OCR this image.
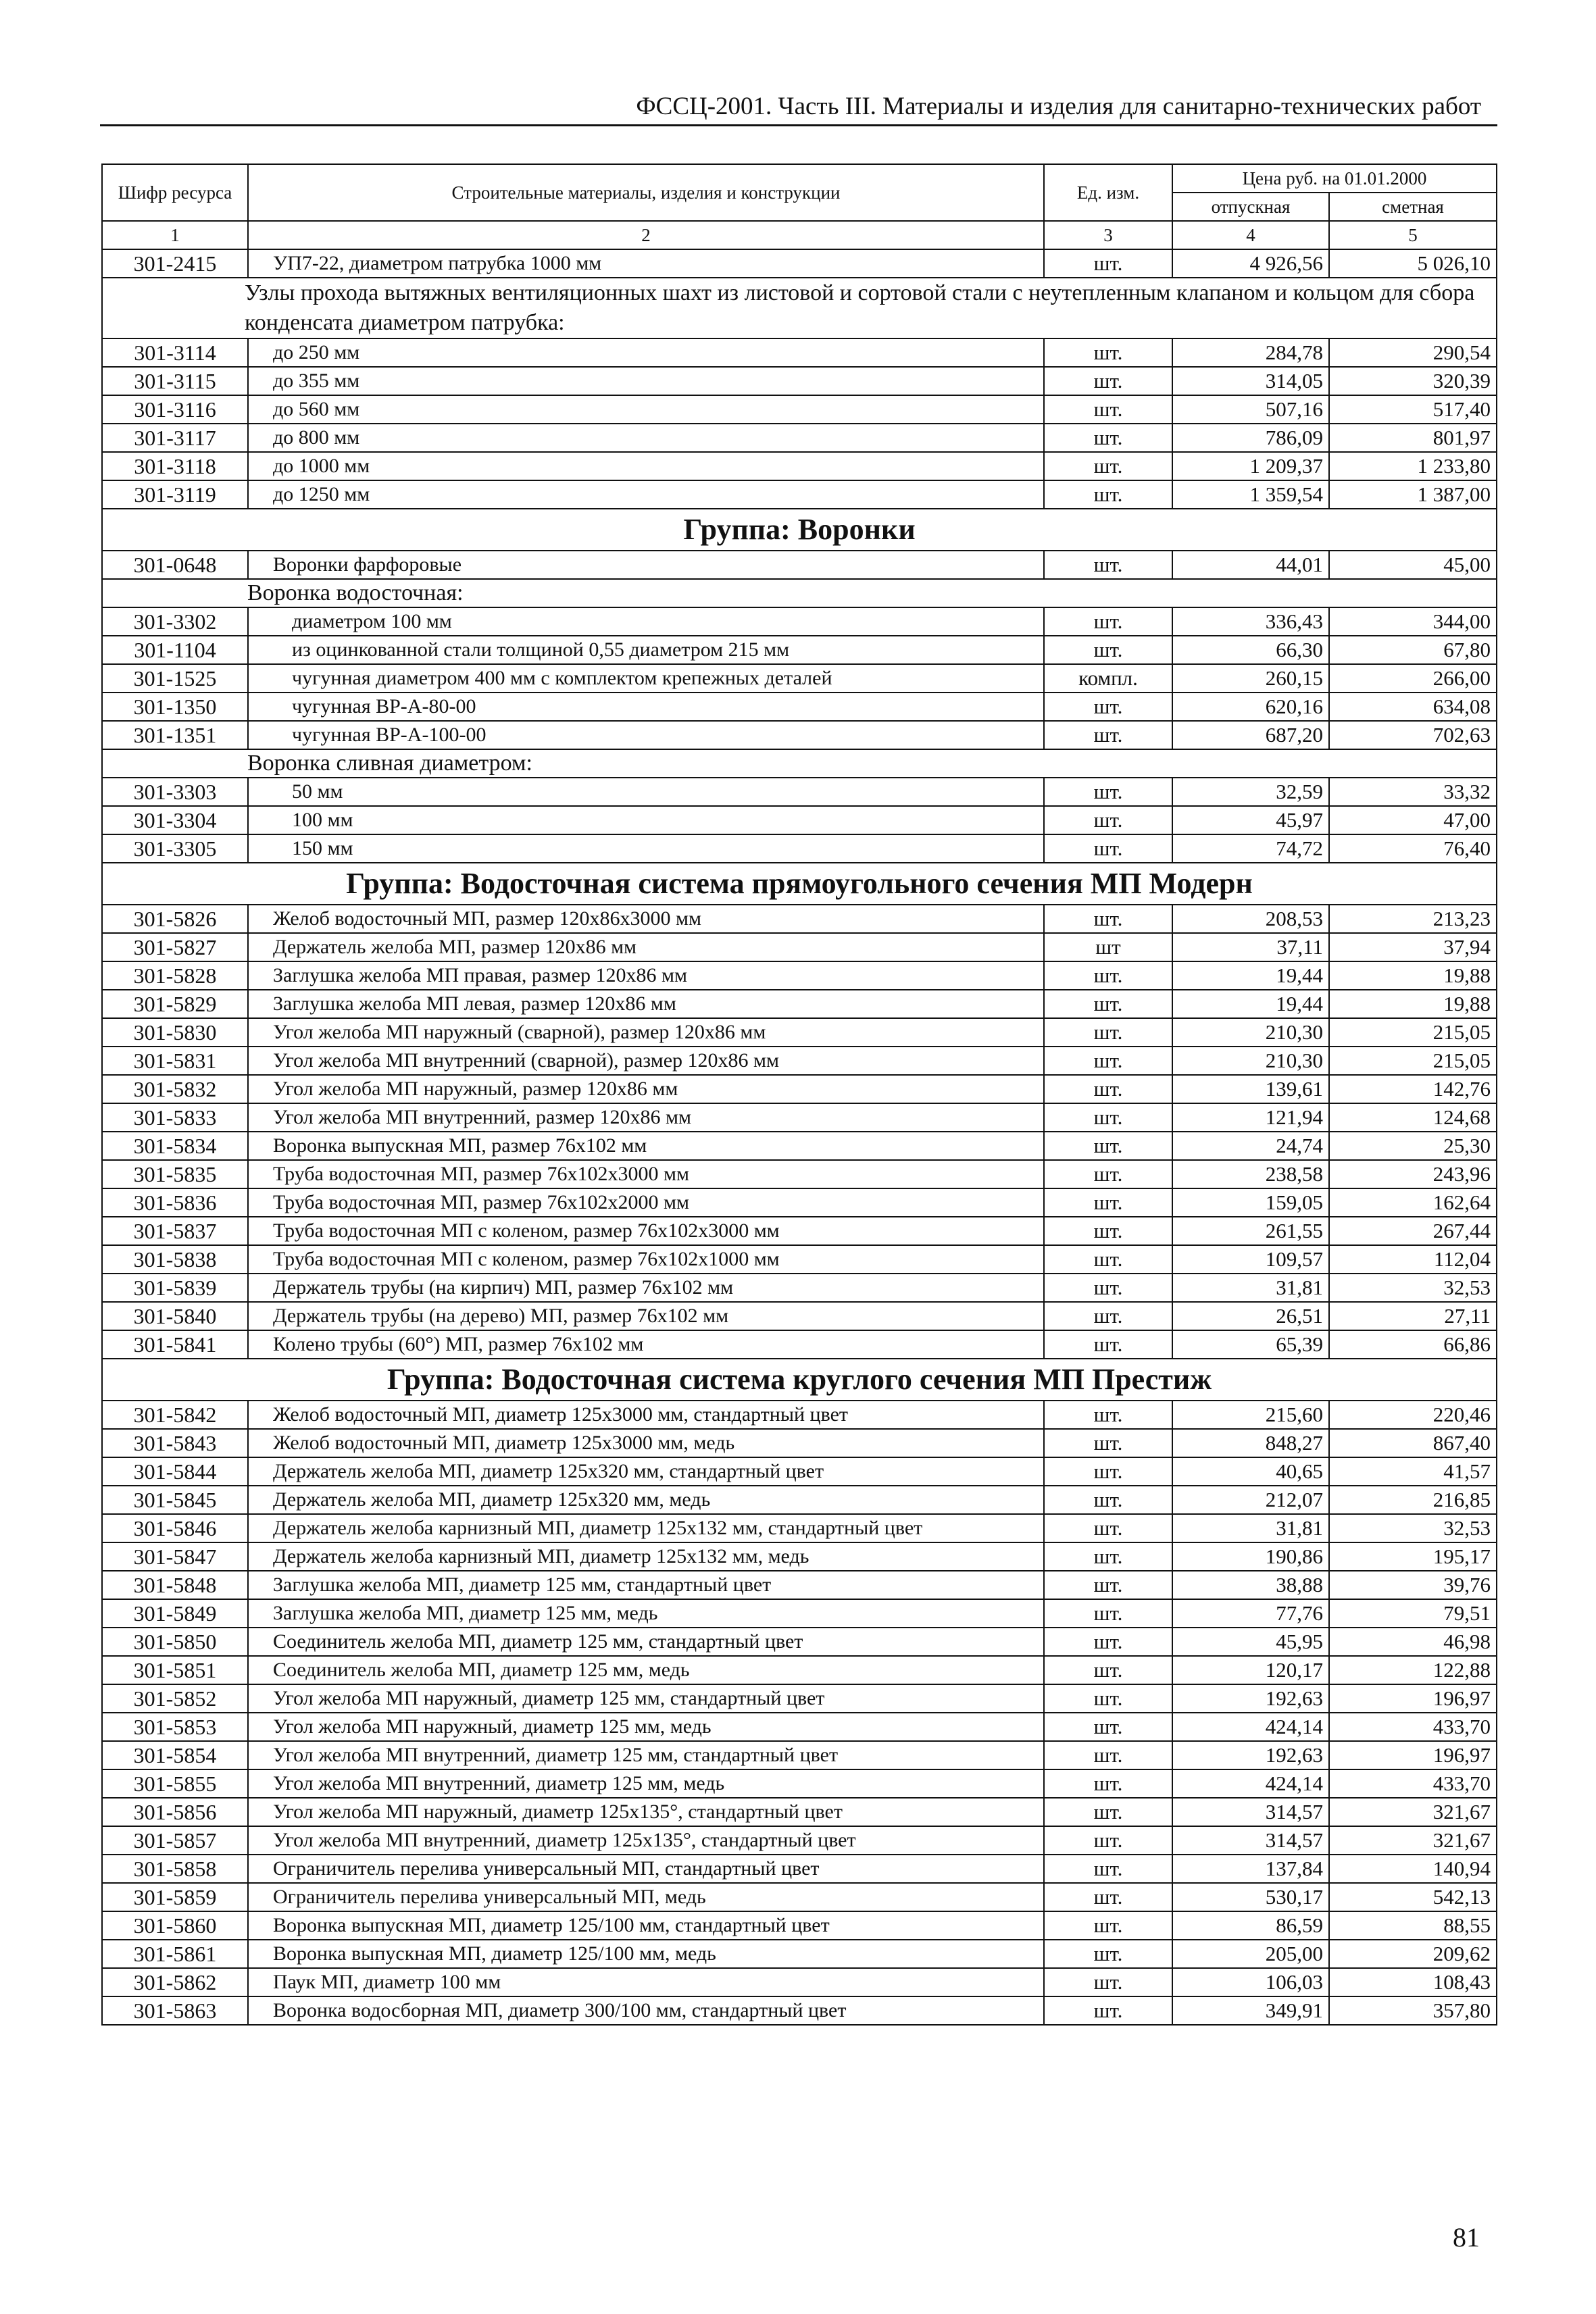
ФССЦ-2001. Часть III. Материалы и изделия для санитарно-технических работ
Шифр ресурса	Строительные материалы, изделия и конструкции	Ед. изм.	Цена руб. на 01.01.2000	
			отпускная	сметная
1	2	3	4	5
301-2415	УП7-22, диаметром патрубка 1000 мм	шт.	4 926,56	5 026,10
Узлы прохода вытяжных вентиляционных шахт из листовой и сортовой стали с неутепленным клапаном и кольцом для сбора конденсата диаметром патрубка:				
301-3114	до 250 мм	шт.	284,78	290,54
301-3115	до 355 мм	шт.	314,05	320,39
301-3116	до 560 мм	шт.	507,16	517,40
301-3117	до 800 мм	шт.	786,09	801,97
301-3118	до 1000 мм	шт.	1 209,37	1 233,80
301-3119	до 1250 мм	шт.	1 359,54	1 387,00
Группа: Воронки				
301-0648	Воронки фарфоровые	шт.	44,01	45,00
Воронка водосточная:				
301-3302	диаметром 100 мм	шт.	336,43	344,00
301-1104	из оцинкованной стали толщиной 0,55 диаметром 215 мм	шт.	66,30	67,80
301-1525	чугунная диаметром 400 мм с комплектом крепежных деталей	компл.	260,15	266,00
301-1350	чугунная ВР-А-80-00	шт.	620,16	634,08
301-1351	чугунная ВР-А-100-00	шт.	687,20	702,63
Воронка сливная диаметром:				
301-3303	50 мм	шт.	32,59	33,32
301-3304	100 мм	шт.	45,97	47,00
301-3305	150 мм	шт.	74,72	76,40
Группа: Водосточная система прямоугольного сечения МП Модерн				
301-5826	Желоб водосточный МП, размер 120х86х3000 мм	шт.	208,53	213,23
301-5827	Держатель желоба МП, размер 120х86 мм	шт	37,11	37,94
301-5828	Заглушка желоба МП правая, размер 120х86 мм	шт.	19,44	19,88
301-5829	Заглушка желоба МП левая, размер 120х86 мм	шт.	19,44	19,88
301-5830	Угол желоба МП наружный (сварной), размер 120х86 мм	шт.	210,30	215,05
301-5831	Угол желоба МП внутренний (сварной), размер 120х86 мм	шт.	210,30	215,05
301-5832	Угол желоба МП наружный, размер 120х86 мм	шт.	139,61	142,76
301-5833	Угол желоба МП внутренний, размер 120х86 мм	шт.	121,94	124,68
301-5834	Воронка выпускная МП, размер 76х102 мм	шт.	24,74	25,30
301-5835	Труба водосточная МП, размер 76х102х3000 мм	шт.	238,58	243,96
301-5836	Труба водосточная МП, размер 76х102х2000 мм	шт.	159,05	162,64
301-5837	Труба водосточная МП с коленом, размер 76х102х3000 мм	шт.	261,55	267,44
301-5838	Труба водосточная МП с коленом, размер 76х102х1000 мм	шт.	109,57	112,04
301-5839	Держатель трубы (на кирпич) МП, размер 76х102 мм	шт.	31,81	32,53
301-5840	Держатель трубы (на дерево) МП, размер 76х102 мм	шт.	26,51	27,11
301-5841	Колено трубы (60°) МП, размер 76х102 мм	шт.	65,39	66,86
Группа: Водосточная система круглого сечения МП Престиж				
301-5842	Желоб водосточный МП, диаметр 125х3000 мм, стандартный цвет	шт.	215,60	220,46
301-5843	Желоб водосточный МП, диаметр 125х3000 мм, медь	шт.	848,27	867,40
301-5844	Держатель желоба МП, диаметр 125х320 мм, стандартный цвет	шт.	40,65	41,57
301-5845	Держатель желоба МП, диаметр 125х320 мм, медь	шт.	212,07	216,85
301-5846	Держатель желоба карнизный МП, диаметр 125х132 мм, стандартный цвет	шт.	31,81	32,53
301-5847	Держатель желоба карнизный МП, диаметр 125х132 мм, медь	шт.	190,86	195,17
301-5848	Заглушка желоба МП, диаметр 125 мм, стандартный цвет	шт.	38,88	39,76
301-5849	Заглушка желоба МП, диаметр 125 мм, медь	шт.	77,76	79,51
301-5850	Соединитель желоба МП, диаметр 125 мм, стандартный цвет	шт.	45,95	46,98
301-5851	Соединитель желоба МП, диаметр 125 мм, медь	шт.	120,17	122,88
301-5852	Угол желоба МП наружный, диаметр 125 мм, стандартный цвет	шт.	192,63	196,97
301-5853	Угол желоба МП наружный, диаметр 125 мм, медь	шт.	424,14	433,70
301-5854	Угол желоба МП внутренний, диаметр 125 мм, стандартный цвет	шт.	192,63	196,97
301-5855	Угол желоба МП внутренний, диаметр 125 мм, медь	шт.	424,14	433,70
301-5856	Угол желоба МП наружный, диаметр 125х135°, стандартный цвет	шт.	314,57	321,67
301-5857	Угол желоба МП внутренний, диаметр 125х135°, стандартный цвет	шт.	314,57	321,67
301-5858	Ограничитель перелива универсальный МП, стандартный цвет	шт.	137,84	140,94
301-5859	Ограничитель перелива универсальный МП, медь	шт.	530,17	542,13
301-5860	Воронка выпускная МП, диаметр 125/100 мм, стандартный цвет	шт.	86,59	88,55
301-5861	Воронка выпускная МП, диаметр 125/100 мм, медь	шт.	205,00	209,62
301-5862	Паук МП, диаметр 100 мм	шт.	106,03	108,43
301-5863	Воронка водосборная МП, диаметр 300/100 мм, стандартный цвет	шт.	349,91	357,80
81
